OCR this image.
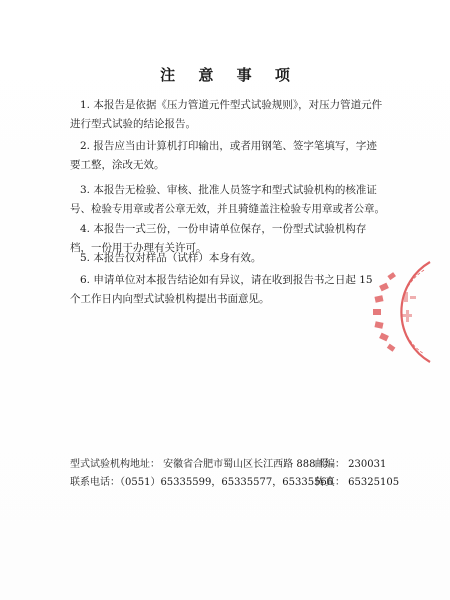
注 意 事 项

1. 本报告是依据《压力管道元件型式试验规则》，对压力管道元件进行型式试验的结论报告。

2. 报告应当由计算机打印输出，或者用钢笔、签字笔填写，字迹要工整，涂改无效。

3. 本报告无检验、审核、批准人员签字和型式试验机构的核准证号、检验专用章或者公章无效，并且骑缝盖注检验专用章或者公章。

4. 本报告一式三份，一份申请单位保存，一份型式试验机构存档，一份用于办理有关许可。

5. 本报告仅对样品（试样）本身有效。

6. 申请单位对本报告结论如有异议，请在收到报告书之日起 15 个工作日内向型式试验机构提出书面意见。

型式试验机构地址： 安徽省合肥市蜀山区长江西路 888 号
邮编： 230031
联系电话：（0551）65335599，65335577，65335566
传真： 65325105
